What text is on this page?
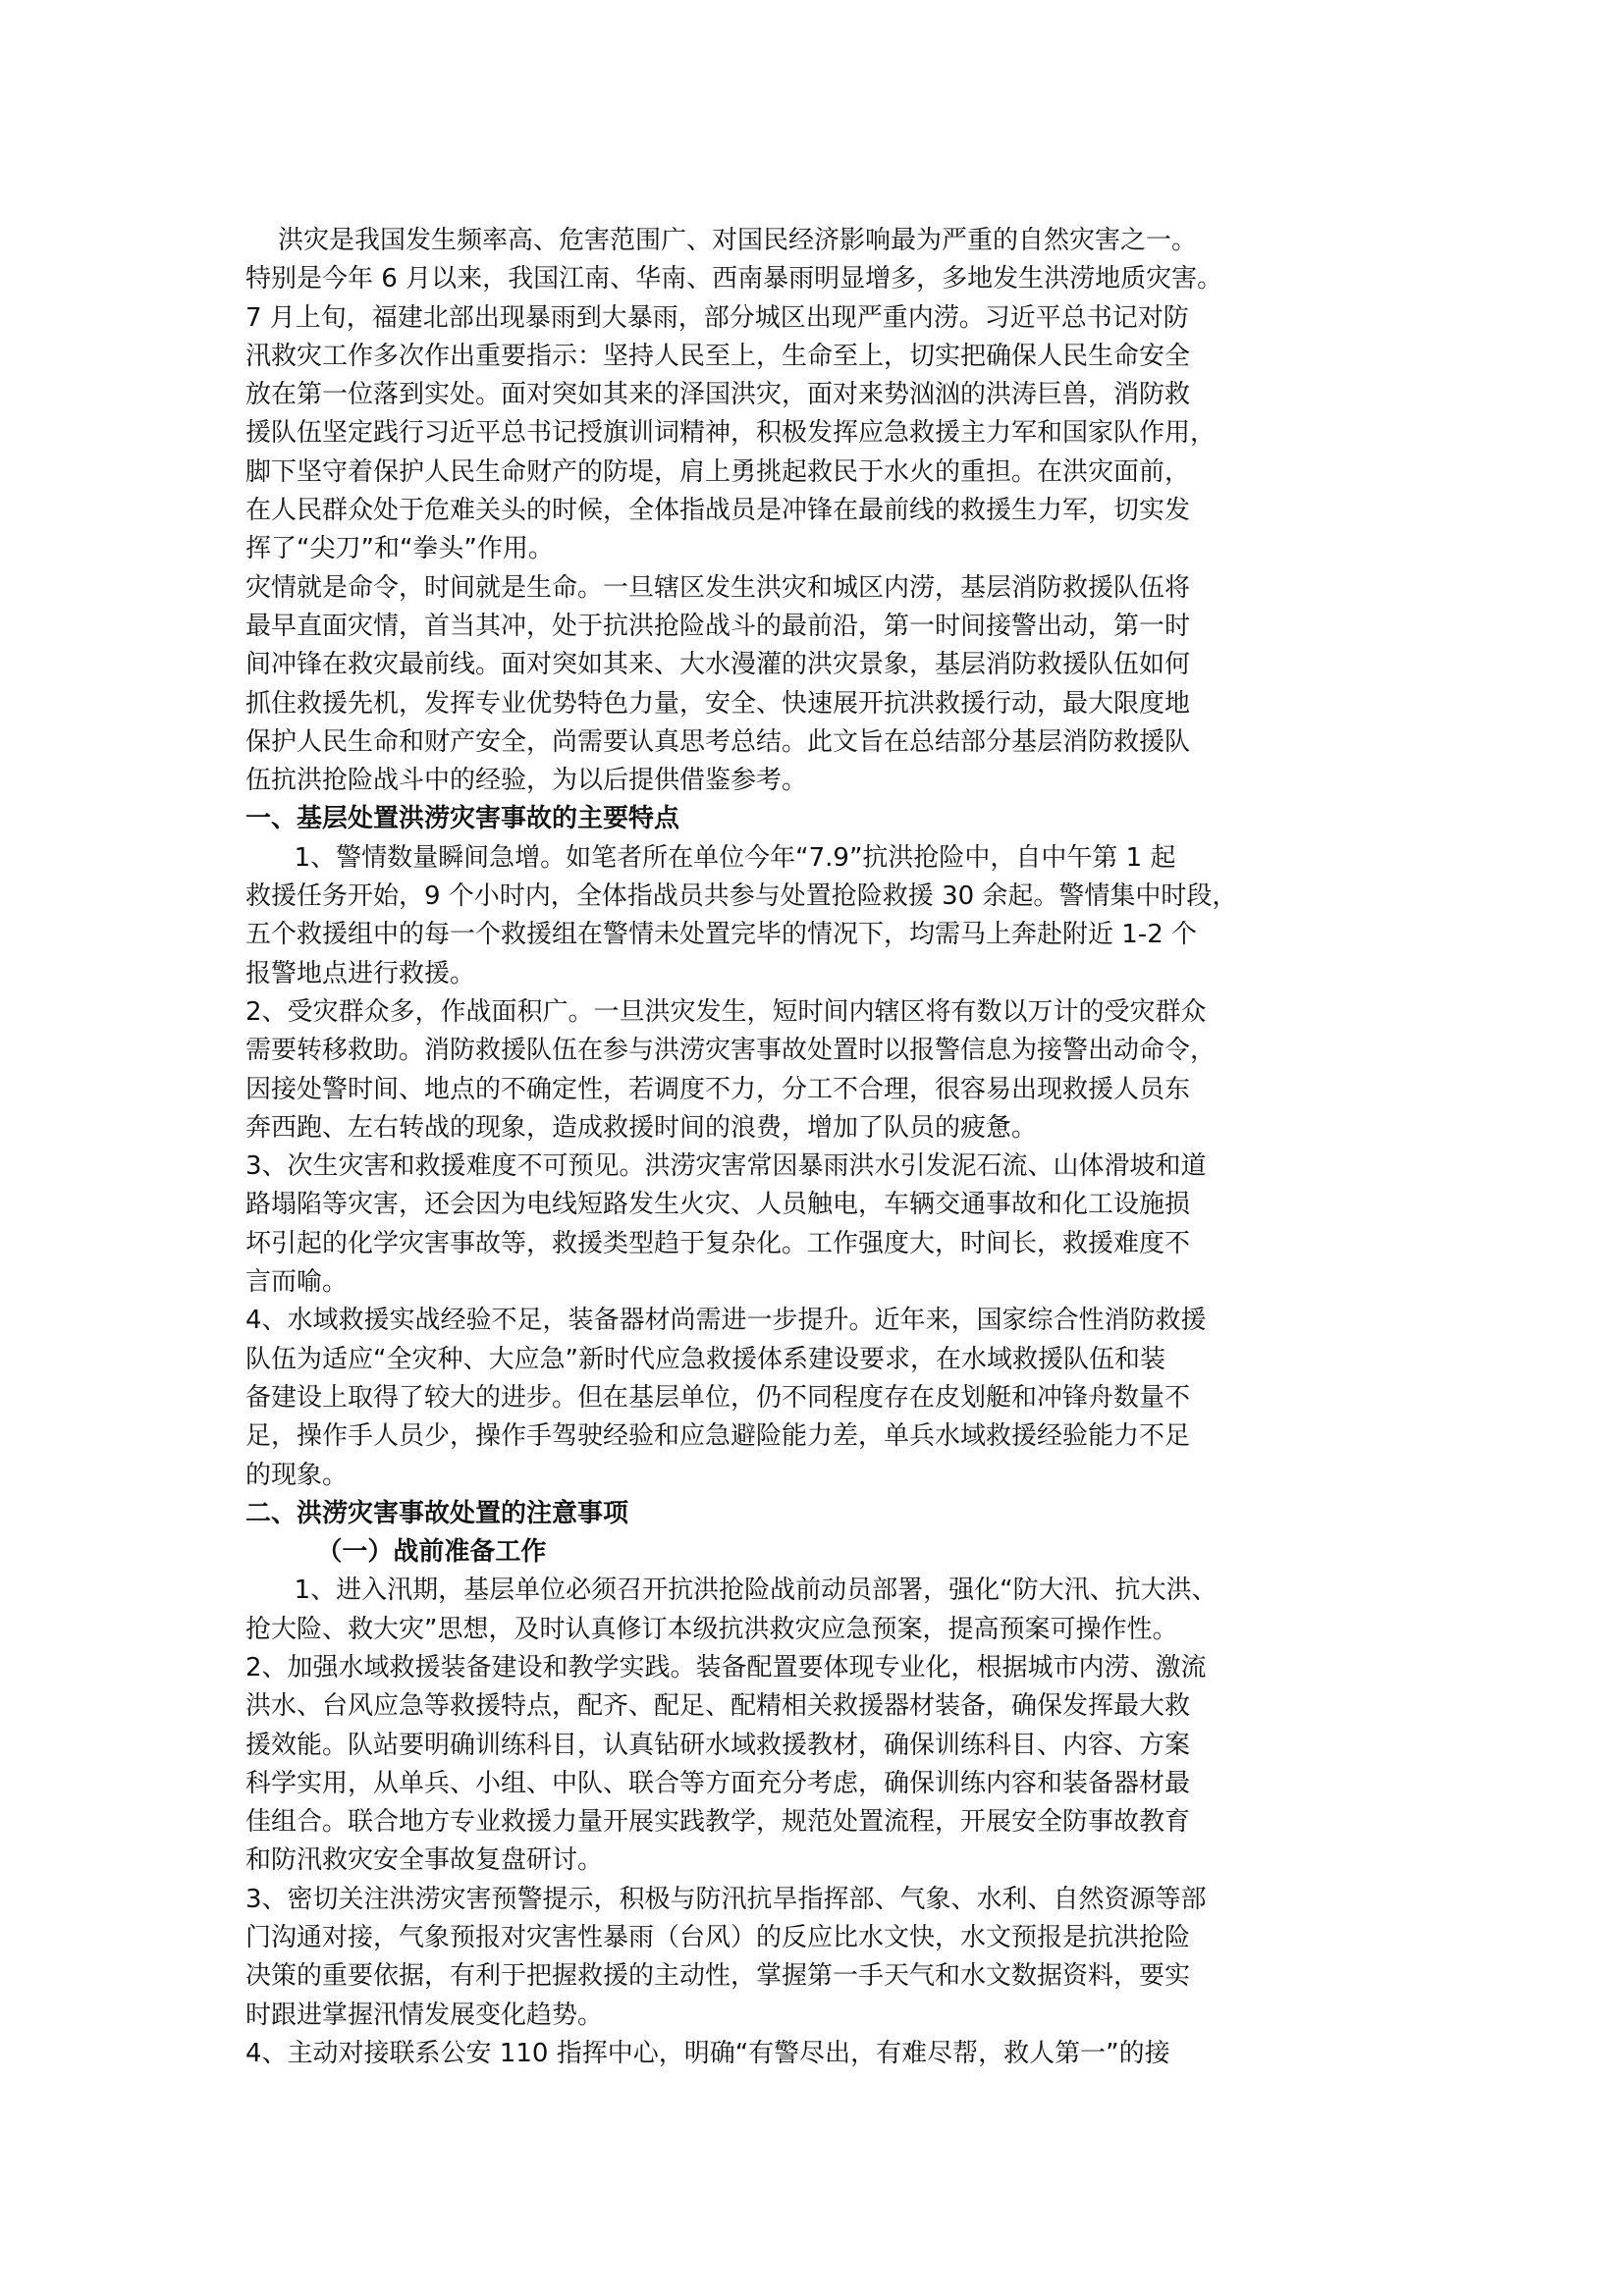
洪灾是我国发生频率高、危害范围广、对国民经济影响最为严重的自然灾害之一。
特别是今年 6 月以来，我国江南、华南、西南暴雨明显增多，多地发生洪涝地质灾害。
7 月上旬，福建北部出现暴雨到大暴雨，部分城区出现严重内涝。习近平总书记对防
汛救灾工作多次作出重要指示：坚持人民至上，生命至上，切实把确保人民生命安全
放在第一位落到实处。面对突如其来的泽国洪灾，面对来势汹汹的洪涛巨兽，消防救
援队伍坚定践行习近平总书记授旗训词精神，积极发挥应急救援主力军和国家队作用，
脚下坚守着保护人民生命财产的防堤，肩上勇挑起救民于水火的重担。在洪灾面前，
在人民群众处于危难关头的时候，全体指战员是冲锋在最前线的救援生力军，切实发
挥了“尖刀”和“拳头”作用。
灾情就是命令，时间就是生命。一旦辖区发生洪灾和城区内涝，基层消防救援队伍将
最早直面灾情，首当其冲，处于抗洪抢险战斗的最前沿，第一时间接警出动，第一时
间冲锋在救灾最前线。面对突如其来、大水漫灌的洪灾景象，基层消防救援队伍如何
抓住救援先机，发挥专业优势特色力量，安全、快速展开抗洪救援行动，最大限度地
保护人民生命和财产安全，尚需要认真思考总结。此文旨在总结部分基层消防救援队
伍抗洪抢险战斗中的经验，为以后提供借鉴参考。
一、基层处置洪涝灾害事故的主要特点
1、警情数量瞬间急增。如笔者所在单位今年“7.9”抗洪抢险中，自中午第 1 起
救援任务开始，9 个小时内，全体指战员共参与处置抢险救援 30 余起。警情集中时段，
五个救援组中的每一个救援组在警情未处置完毕的情况下，均需马上奔赴附近 1-2 个
报警地点进行救援。
2、受灾群众多，作战面积广。一旦洪灾发生，短时间内辖区将有数以万计的受灾群众
需要转移救助。消防救援队伍在参与洪涝灾害事故处置时以报警信息为接警出动命令，
因接处警时间、地点的不确定性，若调度不力，分工不合理，很容易出现救援人员东
奔西跑、左右转战的现象，造成救援时间的浪费，增加了队员的疲惫。
3、次生灾害和救援难度不可预见。洪涝灾害常因暴雨洪水引发泥石流、山体滑坡和道
路塌陷等灾害，还会因为电线短路发生火灾、人员触电，车辆交通事故和化工设施损
坏引起的化学灾害事故等，救援类型趋于复杂化。工作强度大，时间长，救援难度不
言而喻。
4、水域救援实战经验不足，装备器材尚需进一步提升。近年来，国家综合性消防救援
队伍为适应“全灾种、大应急”新时代应急救援体系建设要求，在水域救援队伍和装
备建设上取得了较大的进步。但在基层单位，仍不同程度存在皮划艇和冲锋舟数量不
足，操作手人员少，操作手驾驶经验和应急避险能力差，单兵水域救援经验能力不足
的现象。
二、洪涝灾害事故处置的注意事项
（一）战前准备工作
1、进入汛期，基层单位必须召开抗洪抢险战前动员部署，强化“防大汛、抗大洪、
抢大险、救大灾”思想，及时认真修订本级抗洪救灾应急预案，提高预案可操作性。
2、加强水域救援装备建设和教学实践。装备配置要体现专业化，根据城市内涝、激流
洪水、台风应急等救援特点，配齐、配足、配精相关救援器材装备，确保发挥最大救
援效能。队站要明确训练科目，认真钻研水域救援教材，确保训练科目、内容、方案
科学实用，从单兵、小组、中队、联合等方面充分考虑，确保训练内容和装备器材最
佳组合。联合地方专业救援力量开展实践教学，规范处置流程，开展安全防事故教育
和防汛救灾安全事故复盘研讨。
3、密切关注洪涝灾害预警提示，积极与防汛抗旱指挥部、气象、水利、自然资源等部
门沟通对接，气象预报对灾害性暴雨（台风）的反应比水文快，水文预报是抗洪抢险
决策的重要依据，有利于把握救援的主动性，掌握第一手天气和水文数据资料，要实
时跟进掌握汛情发展变化趋势。
4、主动对接联系公安 110 指挥中心，明确“有警尽出，有难尽帮，救人第一”的接
